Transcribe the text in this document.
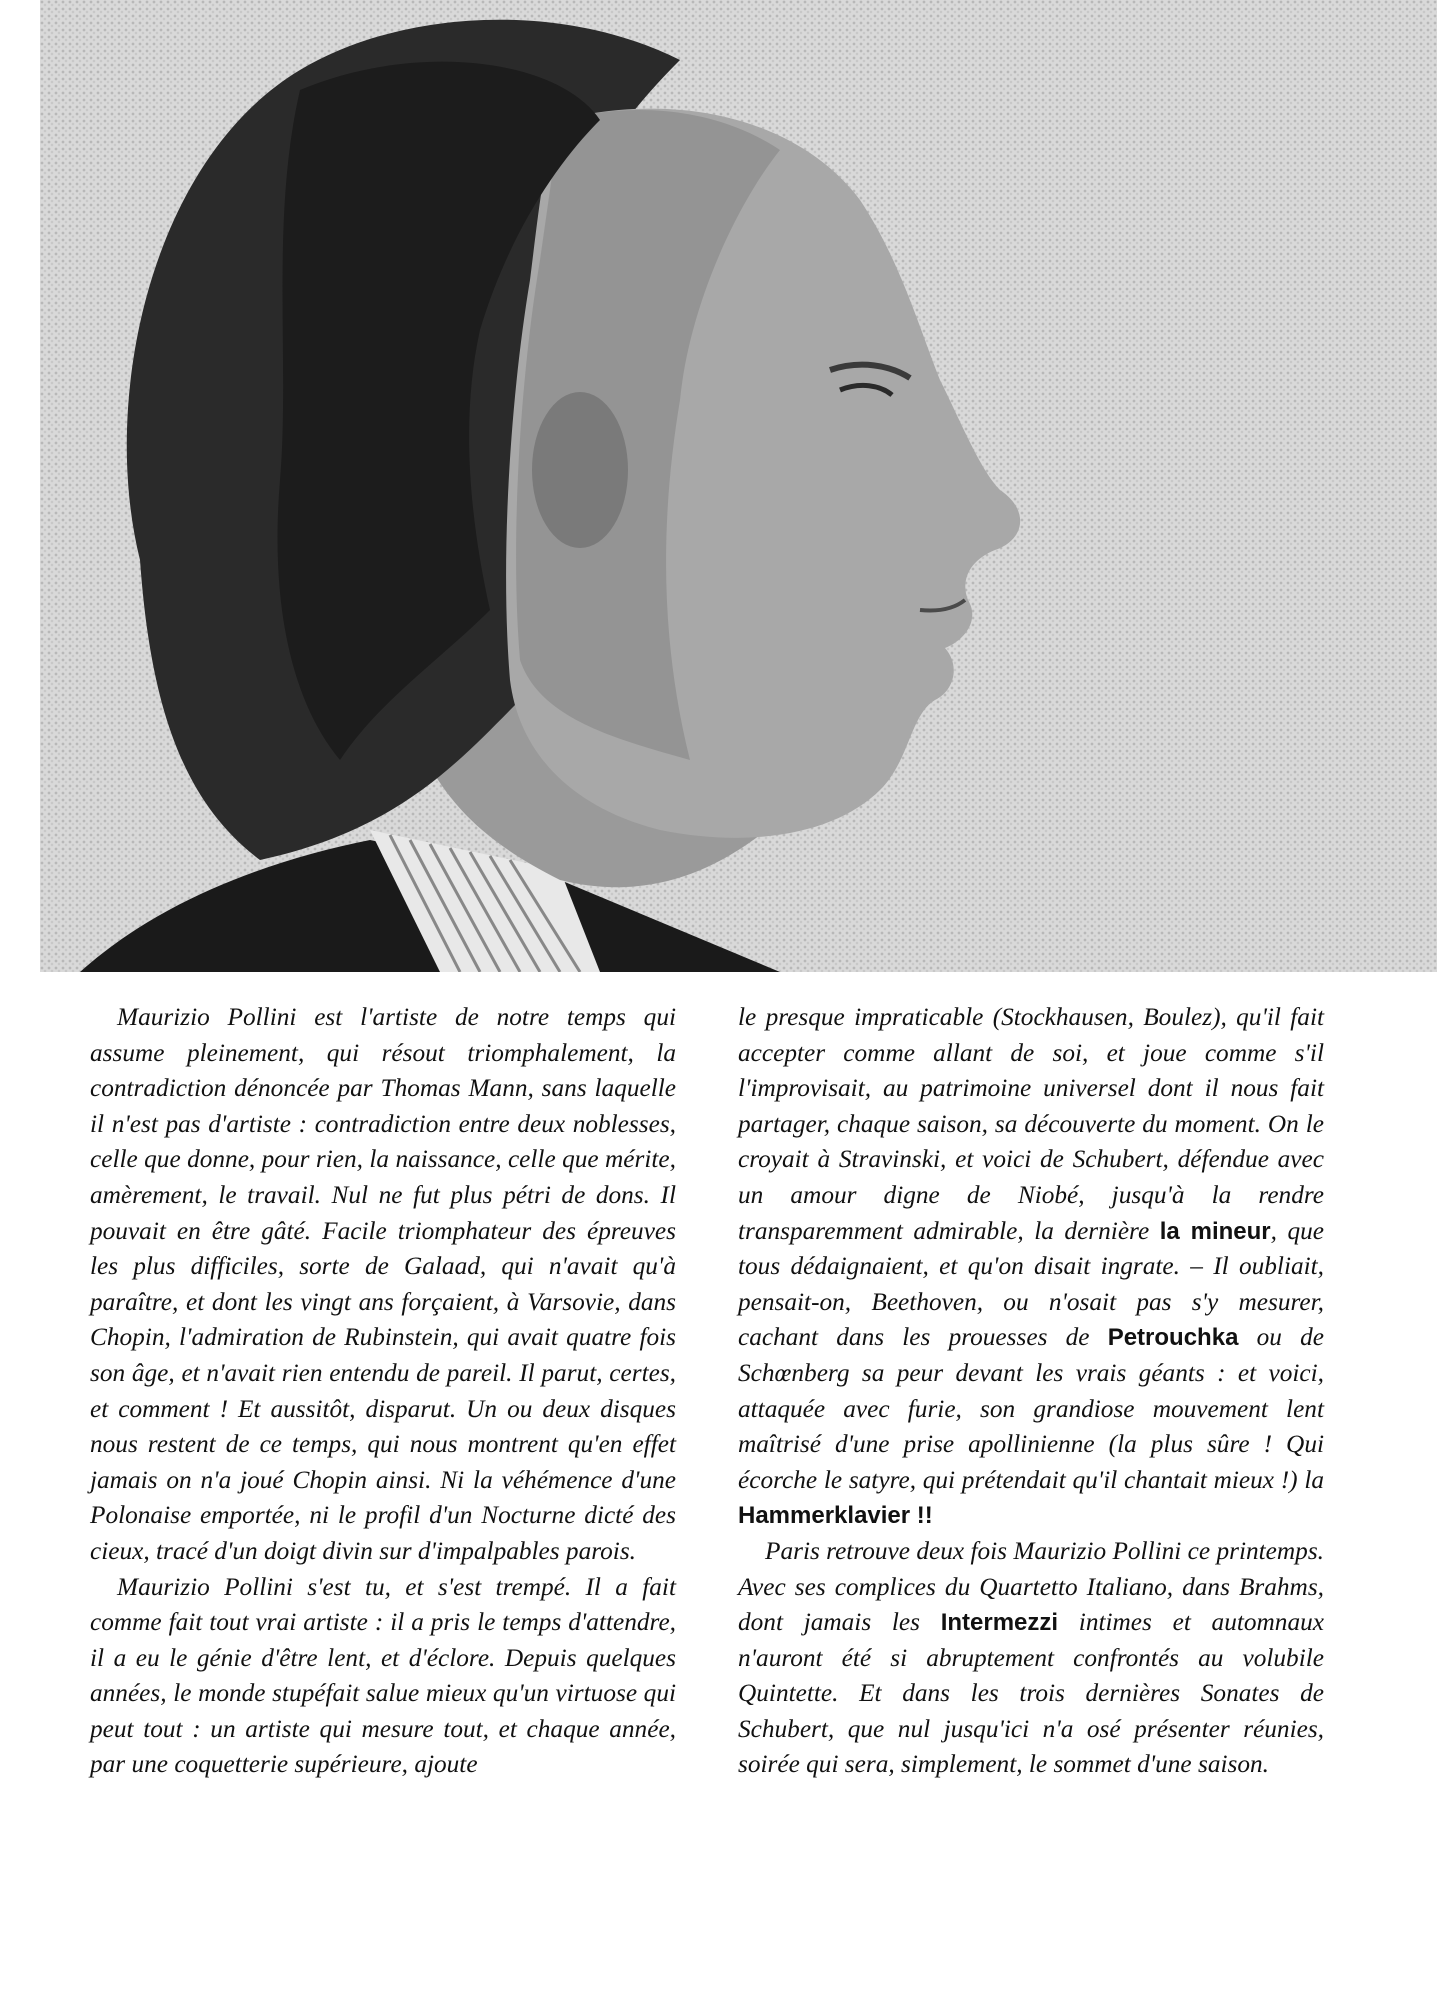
Maurizio Pollini est l'artiste de notre temps qui assume pleinement, qui résout triomphalement, la contradiction dénoncée par Thomas Mann, sans laquelle il n'est pas d'artiste : contradiction entre deux noblesses, celle que donne, pour rien, la naissance, celle que mérite, amèrement, le travail. Nul ne fut plus pétri de dons. Il pouvait en être gâté. Facile triomphateur des épreuves les plus difficiles, sorte de Galaad, qui n'avait qu'à paraître, et dont les vingt ans forçaient, à Varsovie, dans Chopin, l'admiration de Rubinstein, qui avait quatre fois son âge, et n'avait rien entendu de pareil. Il parut, certes, et comment ! Et aussitôt, disparut. Un ou deux disques nous restent de ce temps, qui nous montrent qu'en effet jamais on n'a joué Chopin ainsi. Ni la véhémence d'une Polonaise emportée, ni le profil d'un Nocturne dicté des cieux, tracé d'un doigt divin sur d'impalpables parois.

Maurizio Pollini s'est tu, et s'est trempé. Il a fait comme fait tout vrai artiste : il a pris le temps d'attendre, il a eu le génie d'être lent, et d'éclore. Depuis quelques années, le monde stupéfait salue mieux qu'un virtuose qui peut tout : un artiste qui mesure tout, et chaque année, par une coquetterie supérieure, ajoute

le presque impraticable (Stockhausen, Boulez), qu'il fait accepter comme allant de soi, et joue comme s'il l'improvisait, au patrimoine universel dont il nous fait partager, chaque saison, sa découverte du moment. On le croyait à Stravinski, et voici de Schubert, défendue avec un amour digne de Niobé, jusqu'à la rendre transparemment admirable, la dernière la mineur, que tous dédaignaient, et qu'on disait ingrate. – Il oubliait, pensait-on, Beethoven, ou n'osait pas s'y mesurer, cachant dans les prouesses de Petrouchka ou de Schœnberg sa peur devant les vrais géants : et voici, attaquée avec furie, son grandiose mouvement lent maîtrisé d'une prise apollinienne (la plus sûre ! Qui écorche le satyre, qui prétendait qu'il chantait mieux !) la Hammerklavier !!

Paris retrouve deux fois Maurizio Pollini ce printemps. Avec ses complices du Quartetto Italiano, dans Brahms, dont jamais les Intermezzi intimes et automnaux n'auront été si abruptement confrontés au volubile Quintette. Et dans les trois dernières Sonates de Schubert, que nul jusqu'ici n'a osé présenter réunies, soirée qui sera, simplement, le sommet d'une saison.
